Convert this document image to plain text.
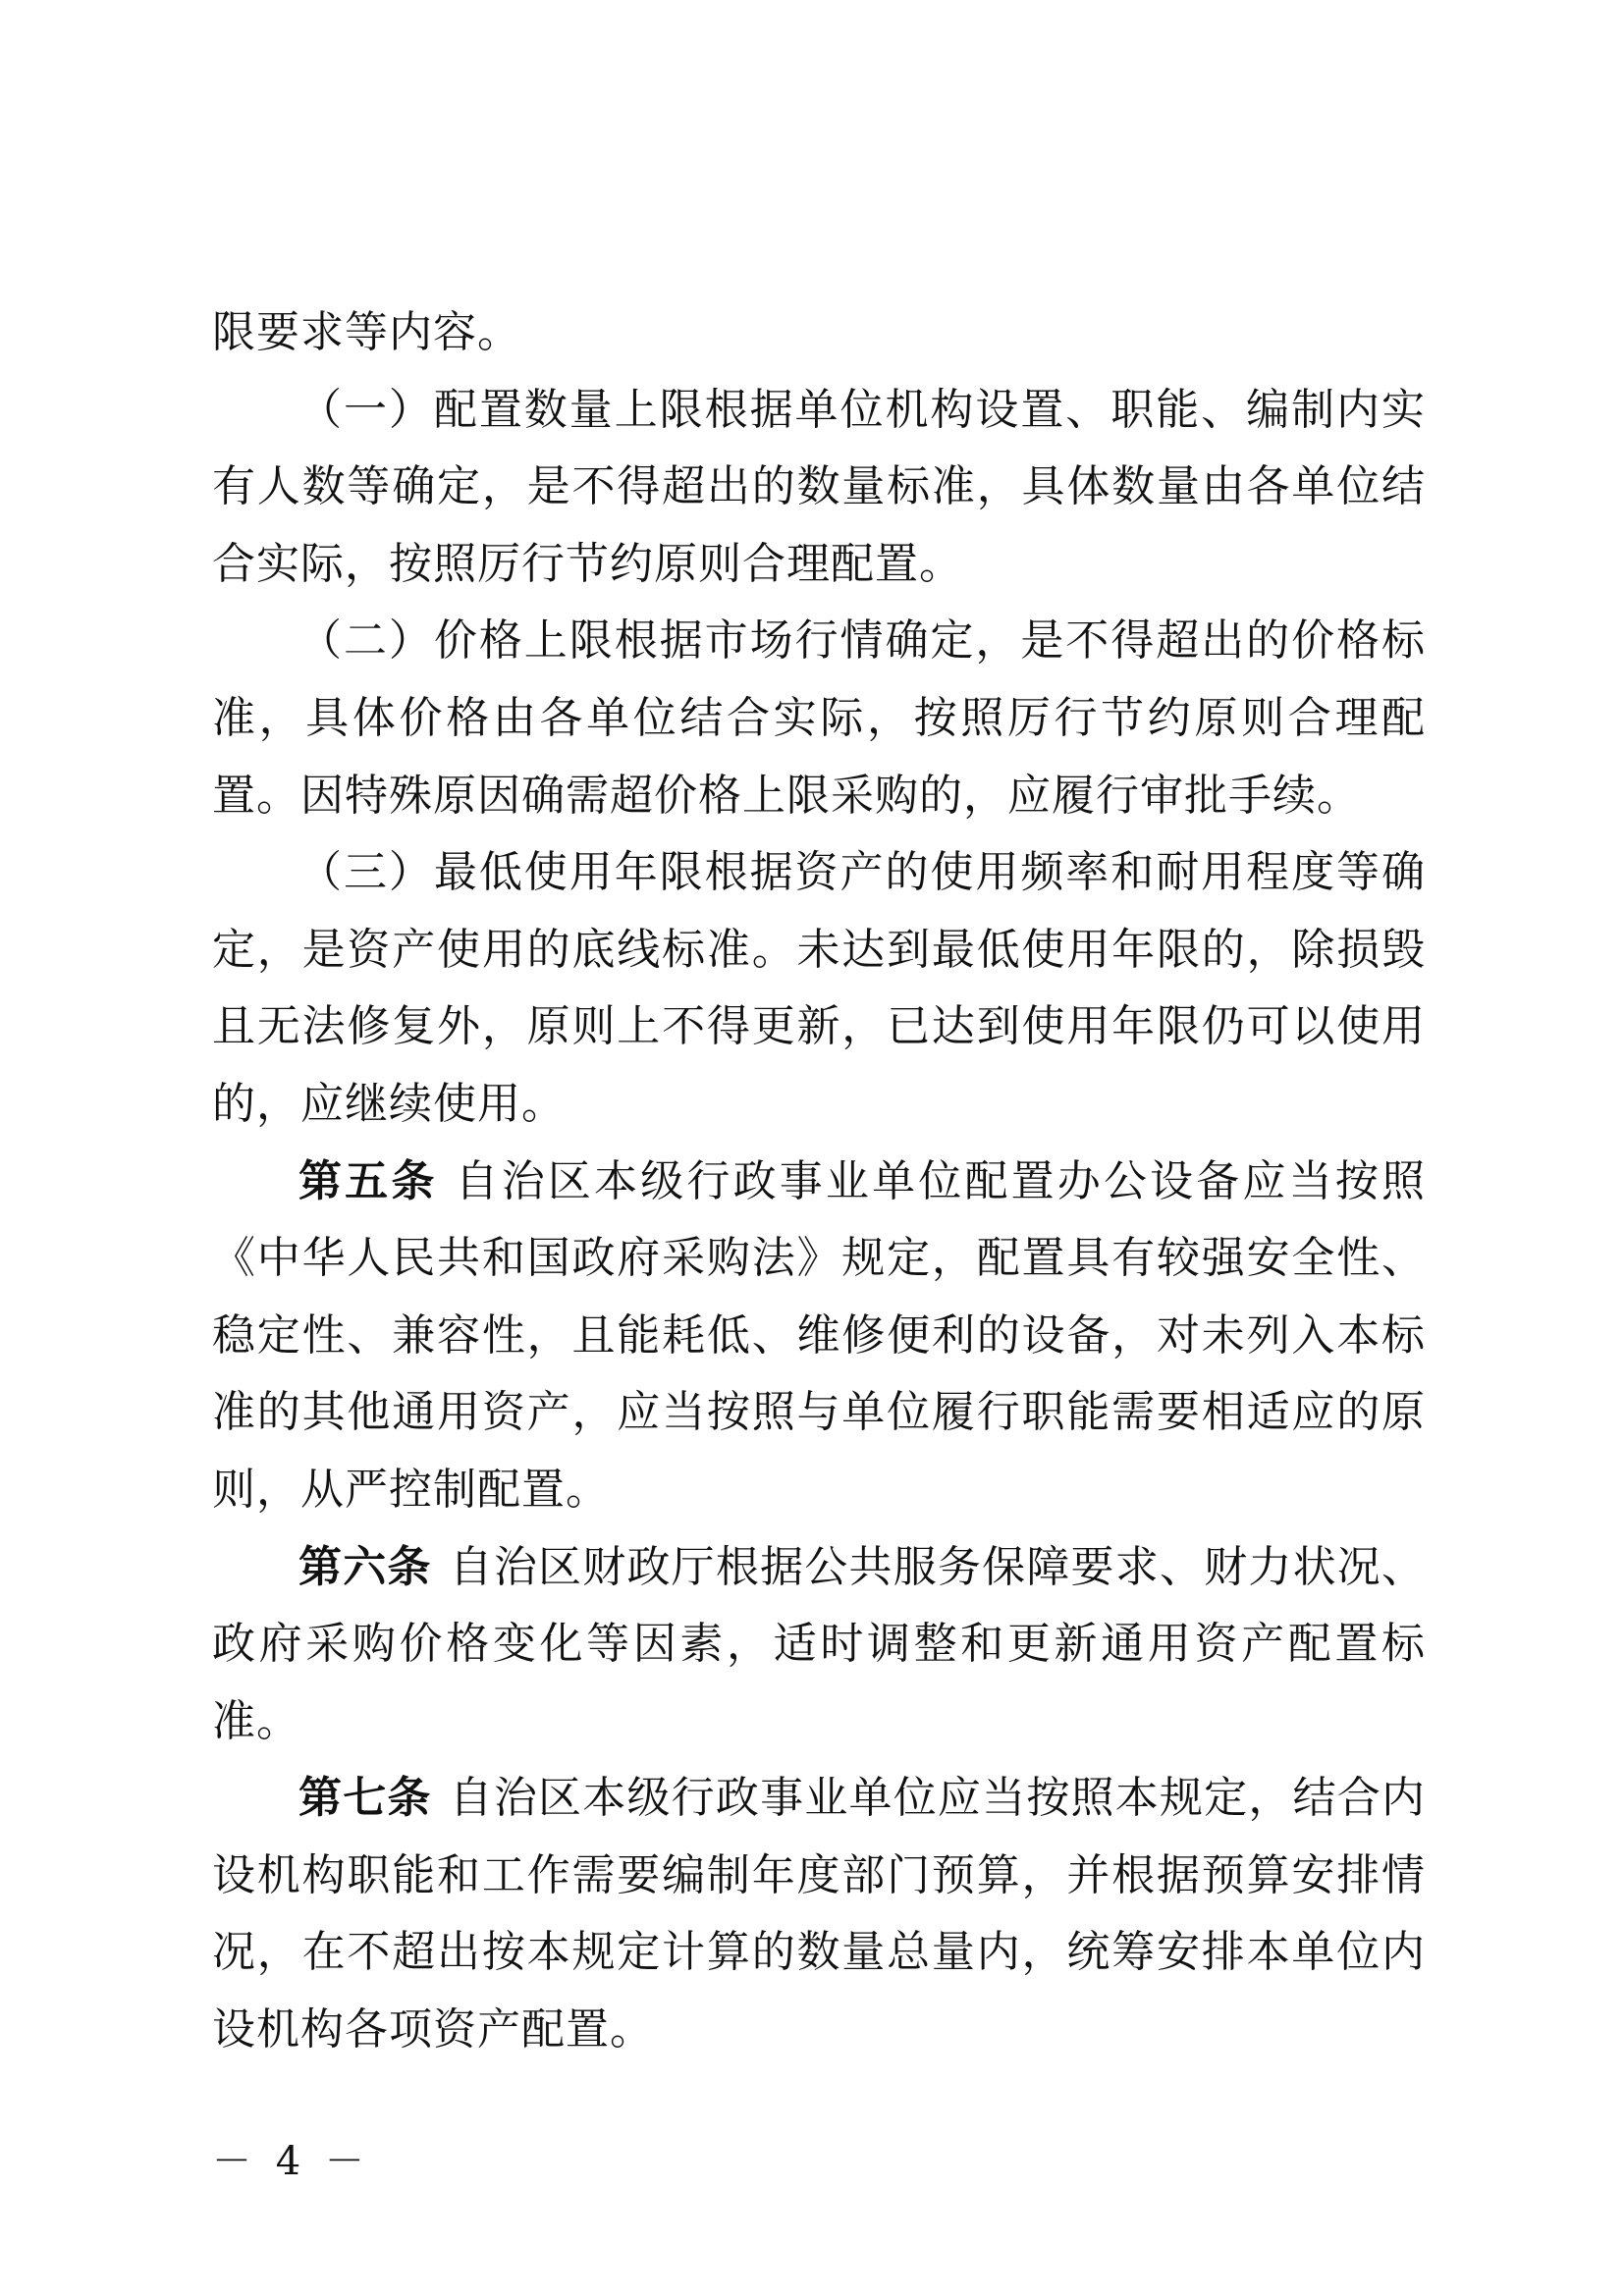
限要求等内容。

（一）配置数量上限根据单位机构设置、职能、编制内实有人数等确定，是不得超出的数量标准，具体数量由各单位结合实际，按照厉行节约原则合理配置。

（二）价格上限根据市场行情确定，是不得超出的价格标准，具体价格由各单位结合实际，按照厉行节约原则合理配置。因特殊原因确需超价格上限采购的，应履行审批手续。

（三）最低使用年限根据资产的使用频率和耐用程度等确定，是资产使用的底线标准。未达到最低使用年限的，除损毁且无法修复外，原则上不得更新，已达到使用年限仍可以使用的，应继续使用。

第五条 自治区本级行政事业单位配置办公设备应当按照《中华人民共和国政府采购法》规定，配置具有较强安全性、稳定性、兼容性，且能耗低、维修便利的设备，对未列入本标准的其他通用资产，应当按照与单位履行职能需要相适应的原则，从严控制配置。

第六条 自治区财政厅根据公共服务保障要求、财力状况、政府采购价格变化等因素，适时调整和更新通用资产配置标准。

第七条 自治区本级行政事业单位应当按照本规定，结合内设机构职能和工作需要编制年度部门预算，并根据预算安排情况，在不超出按本规定计算的数量总量内，统筹安排本单位内设机构各项资产配置。

－ 4 －
